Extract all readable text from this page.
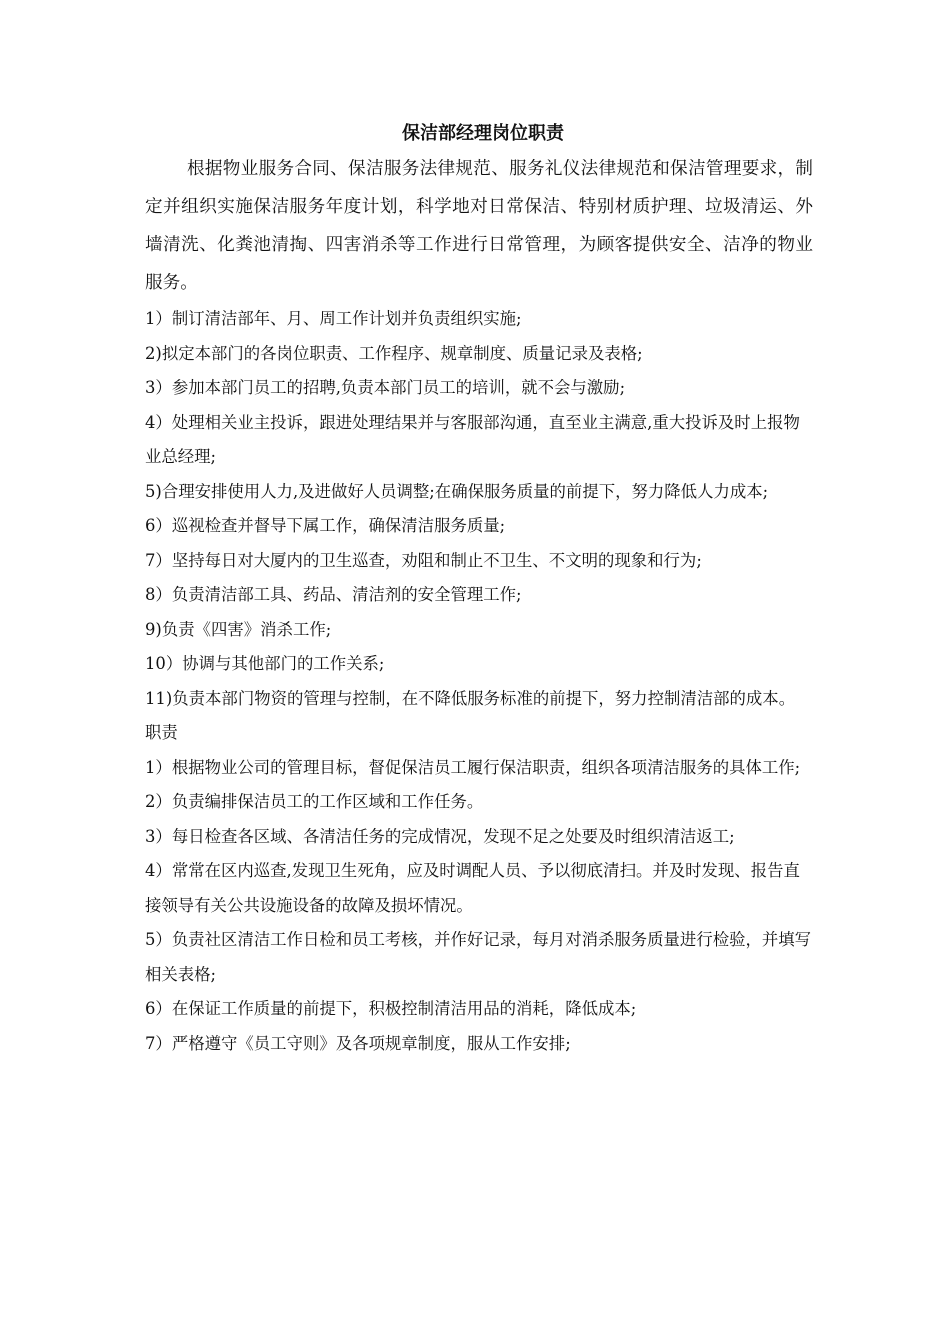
保洁部经理岗位职责

根据物业服务合同、保洁服务法律规范、服务礼仪法律规范和保洁管理要求，制定并组织实施保洁服务年度计划，科学地对日常保洁、特别材质护理、垃圾清运、外墙清洗、化粪池清掏、四害消杀等工作进行日常管理，为顾客提供安全、洁净的物业服务。

1）制订清洁部年、月、周工作计划并负责组织实施;
2)拟定本部门的各岗位职责、工作程序、规章制度、质量记录及表格;
3）参加本部门员工的招聘,负责本部门员工的培训，就不会与激励;
4）处理相关业主投诉，跟进处理结果并与客服部沟通，直至业主满意,重大投诉及时上报物业总经理;
5)合理安排使用人力,及进做好人员调整;在确保服务质量的前提下，努力降低人力成本;
6）巡视检查并督导下属工作，确保清洁服务质量;
7）坚持每日对大厦内的卫生巡查，劝阻和制止不卫生、不文明的现象和行为;
8）负责清洁部工具、药品、清洁剂的安全管理工作;
9)负责《四害》消杀工作;
10）协调与其他部门的工作关系;
11)负责本部门物资的管理与控制，在不降低服务标准的前提下，努力控制清洁部的成本。

职责

1）根据物业公司的管理目标，督促保洁员工履行保洁职责，组织各项清洁服务的具体工作;
2）负责编排保洁员工的工作区域和工作任务。
3）每日检查各区域、各清洁任务的完成情况，发现不足之处要及时组织清洁返工;
4）常常在区内巡查,发现卫生死角，应及时调配人员、予以彻底清扫。并及时发现、报告直接领导有关公共设施设备的故障及损坏情况。
5）负责社区清洁工作日检和员工考核，并作好记录，每月对消杀服务质量进行检验，并填写相关表格;
6）在保证工作质量的前提下，积极控制清洁用品的消耗，降低成本;
7）严格遵守《员工守则》及各项规章制度，服从工作安排;
